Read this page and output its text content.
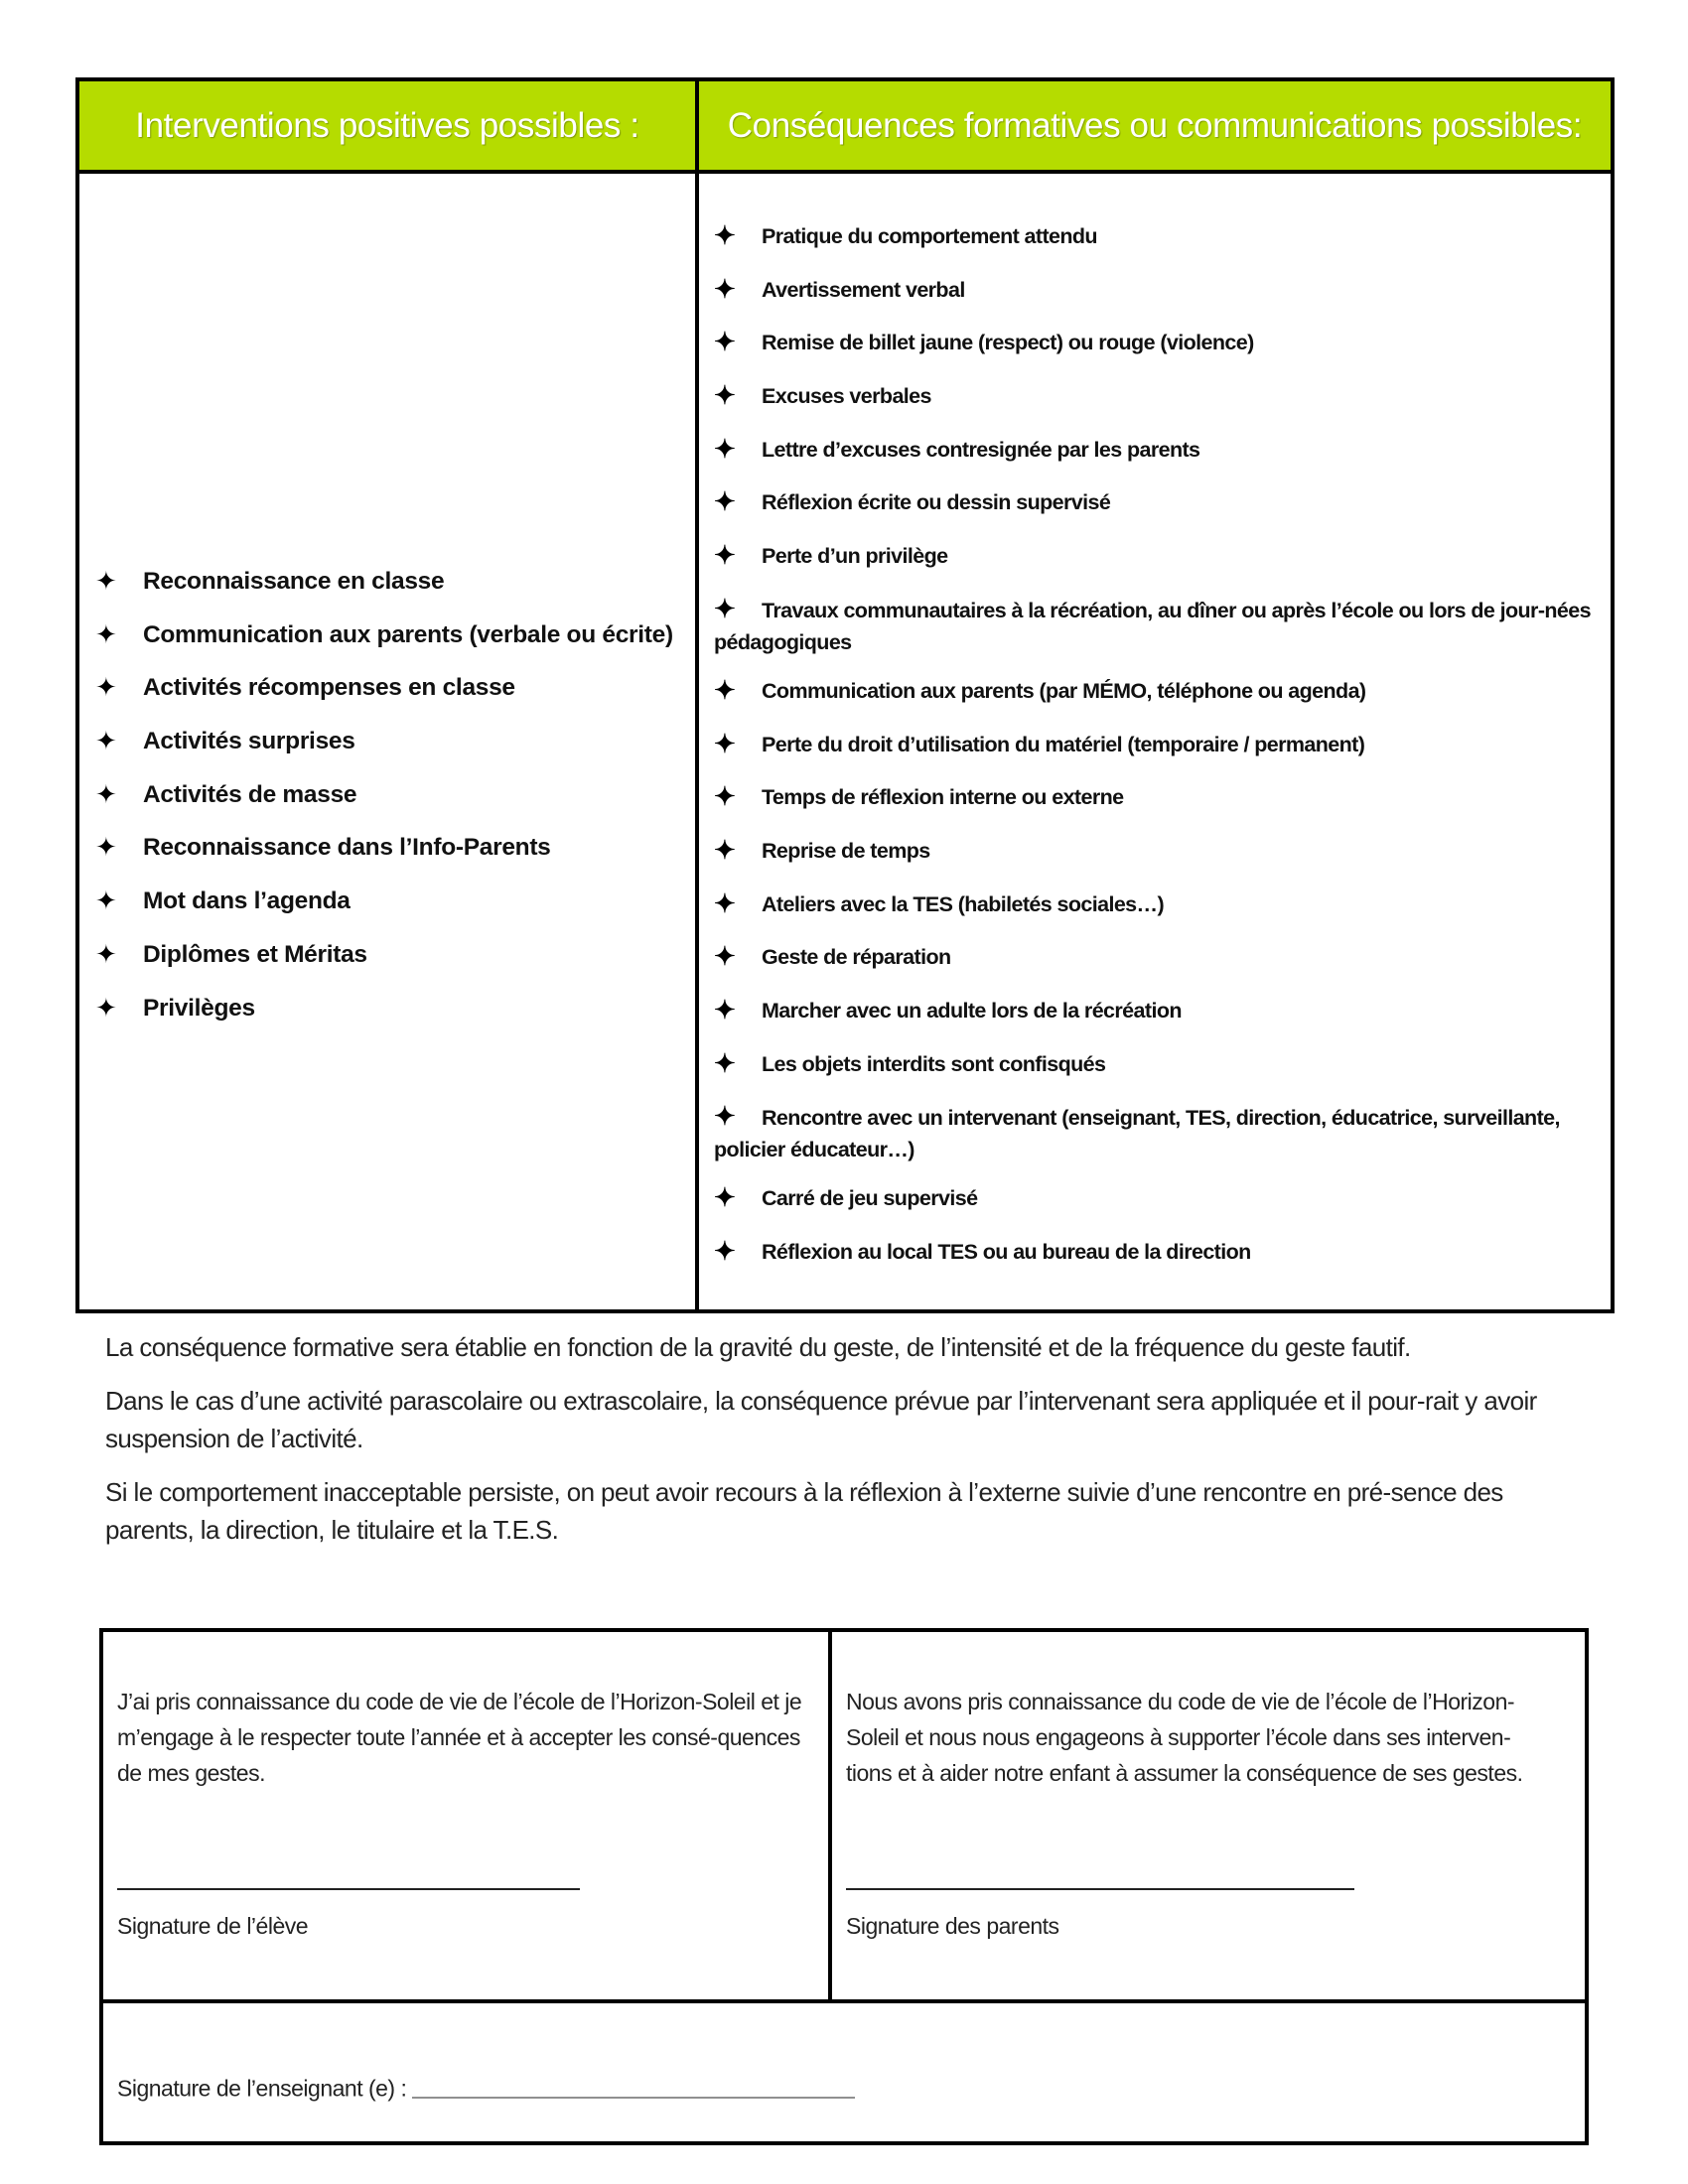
Interventions positives possibles :	Conséquences formatives ou communications possibles:
✦ Reconnaissance en classe
✦ Communication aux parents (verbale ou écrite)
✦ Activités récompenses en classe
✦ Activités surprises
✦ Activités de masse
✦ Reconnaissance dans l’Info-Parents
✦ Mot dans l’agenda
✦ Diplômes et Méritas
✦ Privilèges
✦ Pratique du comportement attendu
✦ Avertissement verbal
✦ Remise de billet jaune (respect) ou rouge (violence)
✦ Excuses verbales
✦ Lettre d’excuses contresignée par les parents
✦ Réflexion écrite ou dessin supervisé
✦ Perte d’un privilège
✦ Travaux communautaires à la récréation, au dîner ou après l’école ou lors de jour-nées pédagogiques
✦ Communication aux parents (par MÉMO, téléphone ou agenda)
✦ Perte du droit d’utilisation du matériel (temporaire / permanent)
✦ Temps de réflexion interne ou externe
✦ Reprise de temps
✦ Ateliers avec la TES (habiletés sociales…)
✦ Geste de réparation
✦ Marcher avec un adulte lors de la récréation
✦ Les objets interdits sont confisqués
✦ Rencontre avec un intervenant (enseignant, TES, direction, éducatrice, surveillante, policier éducateur…)
✦ Carré de jeu supervisé
✦ Réflexion au local TES ou au bureau de la direction

La conséquence formative sera établie en fonction de la gravité du geste, de l’intensité et de la fréquence du geste fautif.

Dans le cas d’une activité parascolaire ou extrascolaire, la conséquence prévue par l’intervenant sera appliquée et il pour-rait y avoir suspension de l’activité.

Si le comportement inacceptable persiste, on peut avoir recours à la réflexion à l’externe suivie d’une rencontre en pré-sence des parents, la direction, le titulaire et la T.E.S.

J’ai pris connaissance du code de vie de l’école de l’Horizon-Soleil et je m’engage à le respecter toute l’année et à accepter les consé-quences de mes gestes.
Signature de l’élève
Nous avons pris connaissance du code de vie de l’école de l’Horizon-Soleil et nous nous engageons à supporter l’école dans ses interven-tions et à aider notre enfant à assumer la conséquence de ses gestes.
Signature des parents
Signature de l’enseignant (e) :
